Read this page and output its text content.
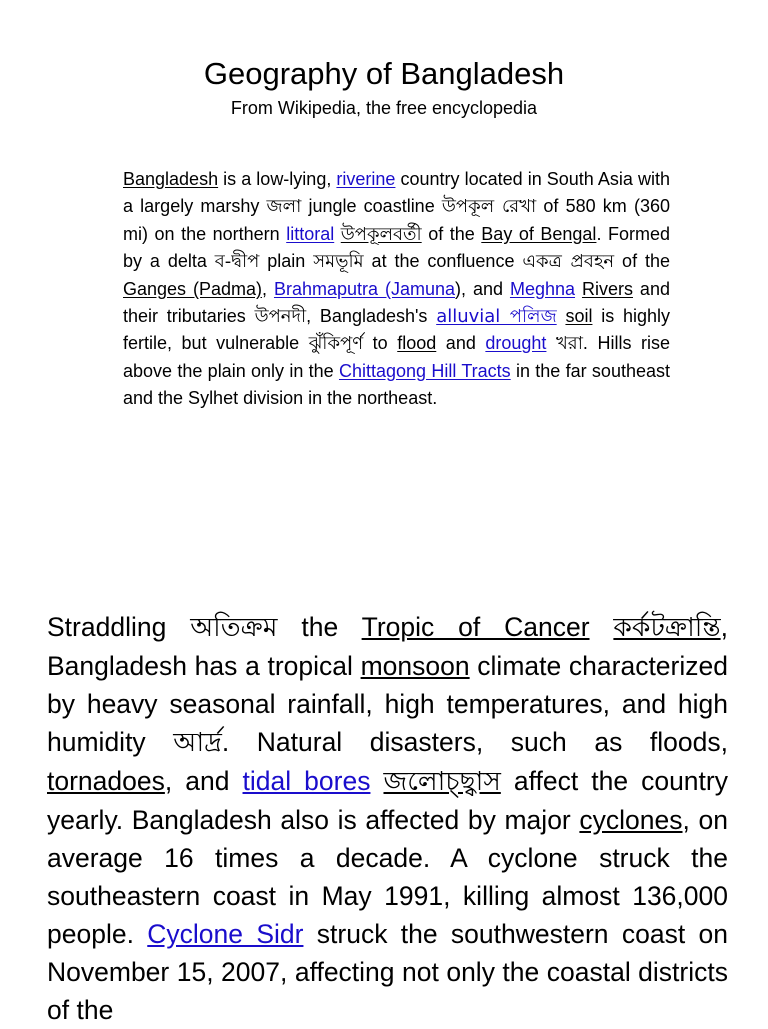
Geography of Bangladesh
From Wikipedia, the free encyclopedia

Bangladesh is a low-lying, riverine country located in South Asia with a largely marshy জলা jungle coastline উপকূল রেখা of 580 km (360 mi) on the northern littoral উপকূলবর্তী of the Bay of Bengal. Formed by a delta ব-দ্বীপ plain সমভূমি at the confluence একত্র প্রবহন of the Ganges (Padma), Brahmaputra (Jamuna), and Meghna Rivers and their tributaries উপনদী, Bangladesh's alluvial পলিজ soil is highly fertile, but vulnerable ঝুঁকিপূর্ণ to flood and drought খরা. Hills rise above the plain only in the Chittagong Hill Tracts in the far southeast and the Sylhet division in the northeast.

Straddling অতিক্রম the Tropic of Cancer কর্কটক্রান্তি, Bangladesh has a tropical monsoon climate characterized by heavy seasonal rainfall, high temperatures, and high humidity আর্দ্র. Natural disasters, such as floods, tornadoes, and tidal bores জলোচ্ছ্বাস affect the country yearly. Bangladesh also is affected by major cyclones, on average 16 times a decade. A cyclone struck the southeastern coast in May 1991, killing almost 136,000 people. Cyclone Sidr struck the southwestern coast on November 15, 2007, affecting not only the coastal districts of the
